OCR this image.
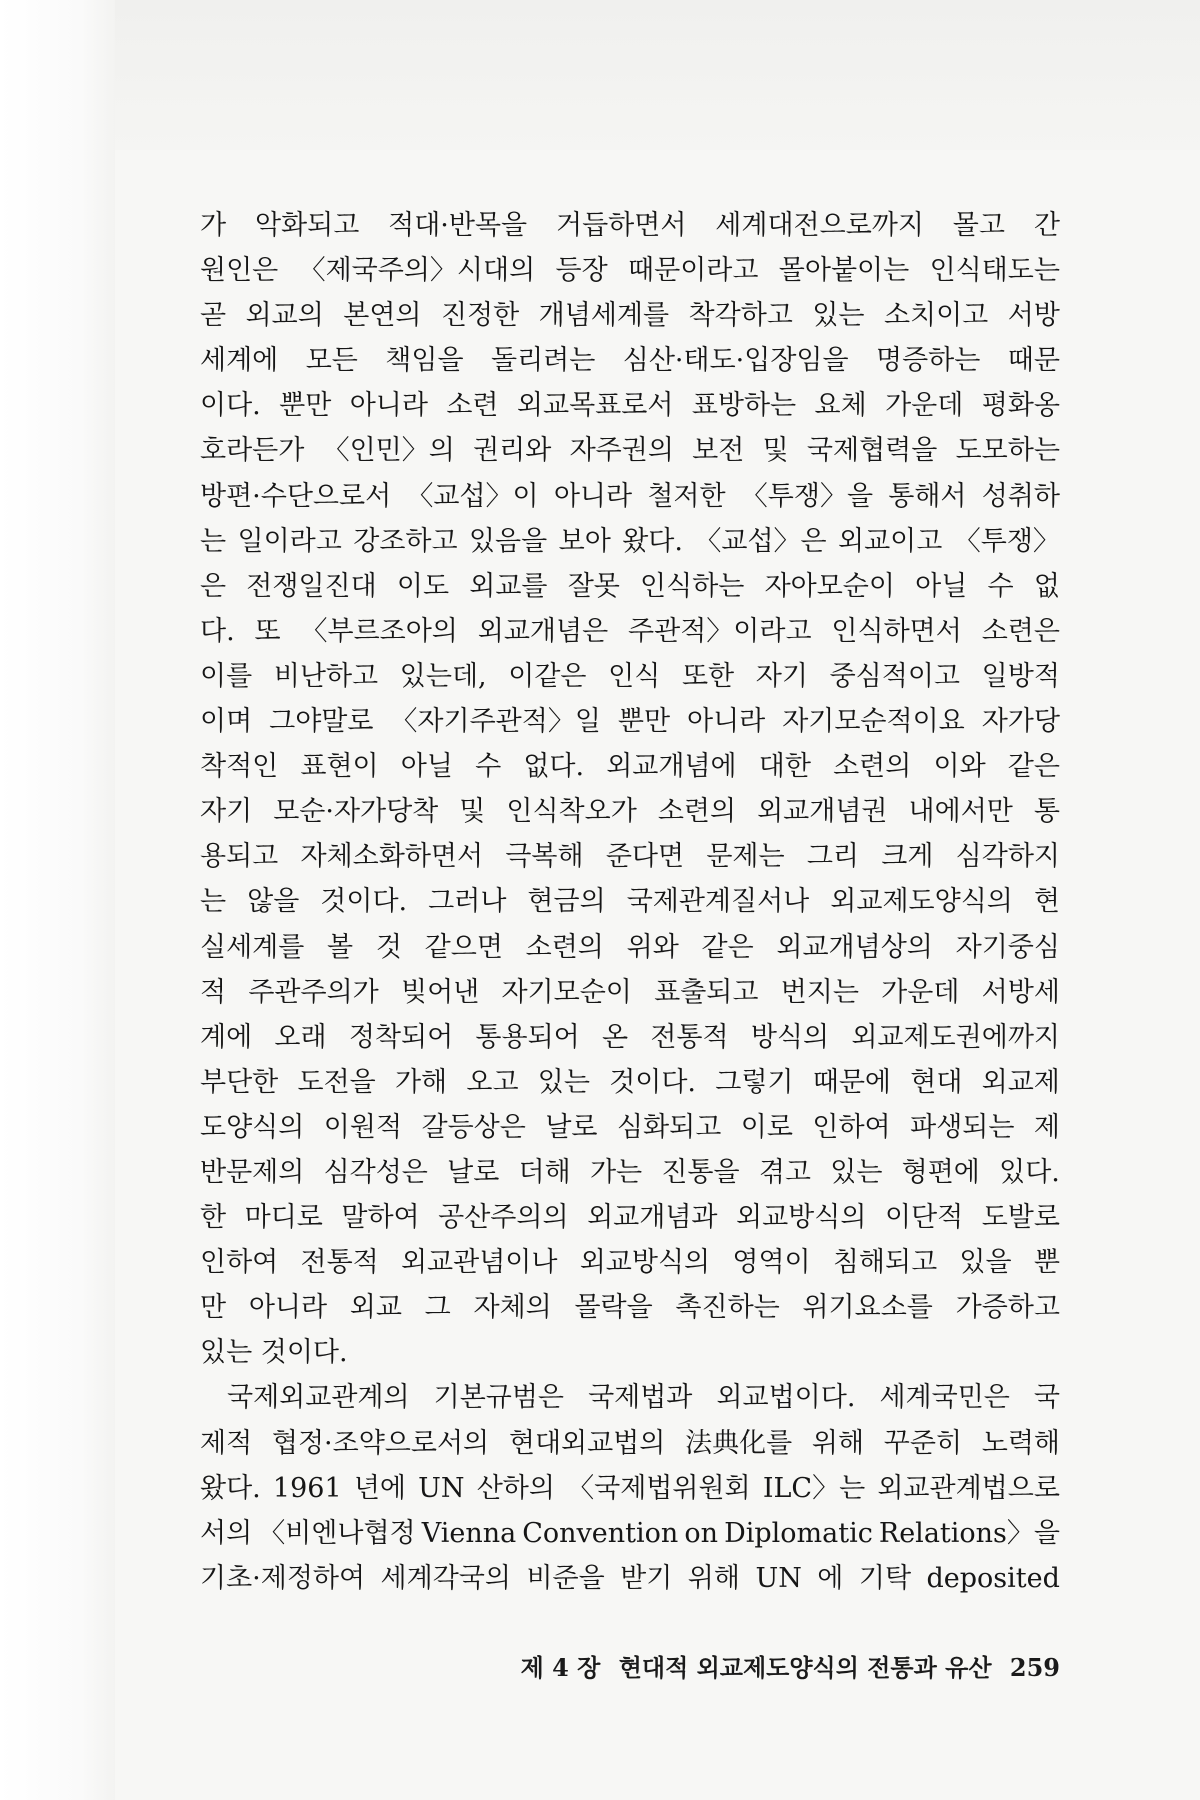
가 악화되고 적대·반목을 거듭하면서 세계대전으로까지 몰고 간
원인은 〈제국주의〉시대의 등장 때문이라고 몰아붙이는 인식태도는
곧 외교의 본연의 진정한 개념세계를 착각하고 있는 소치이고 서방
세계에 모든 책임을 돌리려는 심산·태도·입장임을 명증하는 때문
이다. 뿐만 아니라 소련 외교목표로서 표방하는 요체 가운데 평화옹
호라든가 〈인민〉의 권리와 자주권의 보전 및 국제협력을 도모하는
방편·수단으로서 〈교섭〉이 아니라 철저한 〈투쟁〉을 통해서 성취하
는 일이라고 강조하고 있음을 보아 왔다. 〈교섭〉은 외교이고 〈투쟁〉
은 전쟁일진대 이도 외교를 잘못 인식하는 자아모순이 아닐 수 없
다. 또 〈부르조아의 외교개념은 주관적〉이라고 인식하면서 소련은
이를 비난하고 있는데, 이같은 인식 또한 자기 중심적이고 일방적
이며 그야말로 〈자기주관적〉일 뿐만 아니라 자기모순적이요 자가당
착적인 표현이 아닐 수 없다. 외교개념에 대한 소련의 이와 같은
자기 모순·자가당착 및 인식착오가 소련의 외교개념권 내에서만 통
용되고 자체소화하면서 극복해 준다면 문제는 그리 크게 심각하지
는 않을 것이다. 그러나 현금의 국제관계질서나 외교제도양식의 현
실세계를 볼 것 같으면 소련의 위와 같은 외교개념상의 자기중심
적 주관주의가 빚어낸 자기모순이 표출되고 번지는 가운데 서방세
계에 오래 정착되어 통용되어 온 전통적 방식의 외교제도권에까지
부단한 도전을 가해 오고 있는 것이다. 그렇기 때문에 현대 외교제
도양식의 이원적 갈등상은 날로 심화되고 이로 인하여 파생되는 제
반문제의 심각성은 날로 더해 가는 진통을 겪고 있는 형편에 있다.
한 마디로 말하여 공산주의의 외교개념과 외교방식의 이단적 도발로
인하여 전통적 외교관념이나 외교방식의 영역이 침해되고 있을 뿐
만 아니라 외교 그 자체의 몰락을 촉진하는 위기요소를 가증하고
있는 것이다.
국제외교관계의 기본규범은 국제법과 외교법이다. 세계국민은 국
제적 협정·조약으로서의 현대외교법의 法典化를 위해 꾸준히 노력해
왔다. 1961 년에 UN 산하의 〈국제법위원회 ILC〉는 외교관계법으로
서의 〈비엔나협정 Vienna Convention on Diplomatic Relations〉을
기초·제정하여 세계각국의 비준을 받기 위해 UN 에 기탁 deposited
제 4 장 현대적 외교제도양식의 전통과 유산 259
